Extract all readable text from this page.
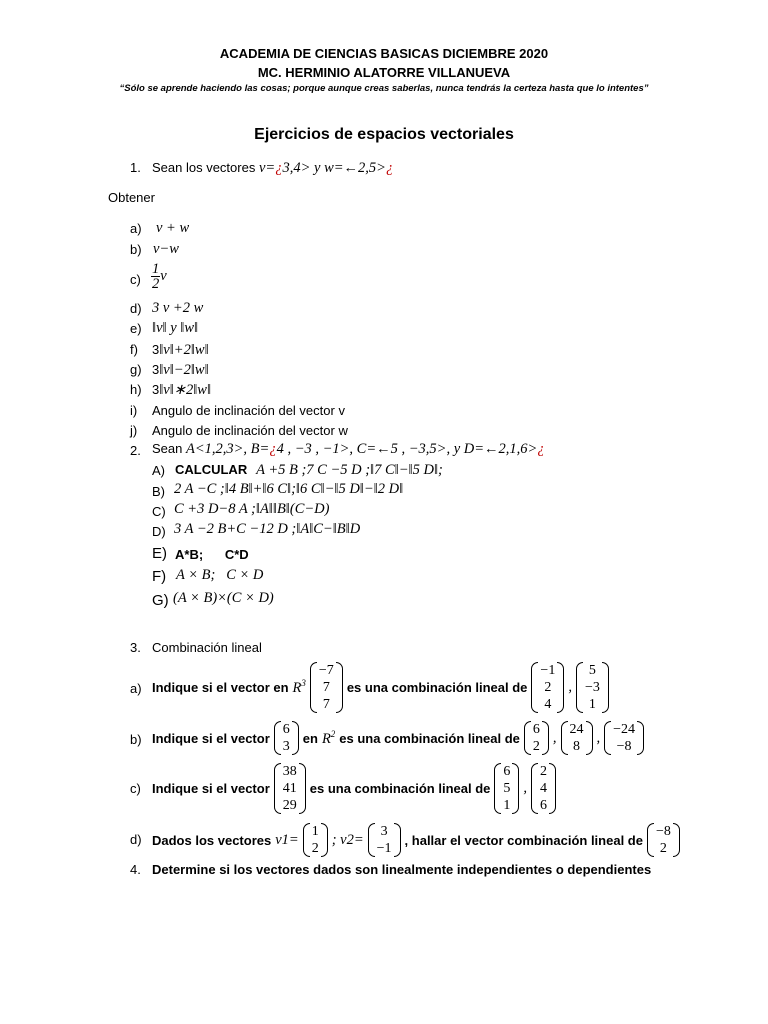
ACADEMIA DE CIENCIAS BASICAS DICIEMBRE 2020
MC. HERMINIO ALATORRE VILLANUEVA
“Sólo se aprende haciendo las cosas; porque aunque creas saberlas, nunca tendrás la certeza hasta que lo intentes”
Ejercicios de espacios vectoriales
1. Sean los vectores v=¿3,4> y w=←2,5>¿
Obtener
a) v + w
b) v−w
$c) \frac{1}{2}$ v
d) 3 v +2 w
e) ‖v‖ y ‖w‖
f) 3‖v‖+2‖w‖
g) 3‖v‖−2‖w‖
h) 3‖v‖∗2‖w‖
i) Angulo de inclinación del vector v
j) Angulo de inclinación del vector w
2. Sean A<1,2,3>, B=¿4 , −3 , −1>, C=←5 , −3,5>, y D=←2,1,6>¿
A) CALCULAR A +5 B ;7 C −5 D ;‖7 C‖−‖5 D‖;
B) 2 A −C ;‖4 B‖+‖6 C‖;‖6 C‖−‖5 D‖−‖2 D‖
C) C +3 D−8 A ;‖A‖‖B‖(C−D)
D) 3 A −2 B+C −12 D ;‖A‖C−‖B‖D
E) A*B;      C*D
F) A × B;   C × D
G) (A × B)×(C × D)
3. Combinación lineal
a) Indique si el vector en $R^3$
−7
7
7
es una combinación lineal de
−1
2
4
,
5
−3
1
b) Indique si el vector
6
3
en $R^2$ es una combinación lineal de
6
2
, 24
8
, −24
−8
c) Indique si el vector
38
41
29
es una combinación lineal de
6
5
1
,
2
4
6
d) Dados los vectores v1= 1
2
; v2= 3
−1
, hallar el vector combinación lineal de
−8
2
4. Determine si los vectores dados son linealmente independientes o dependientes
